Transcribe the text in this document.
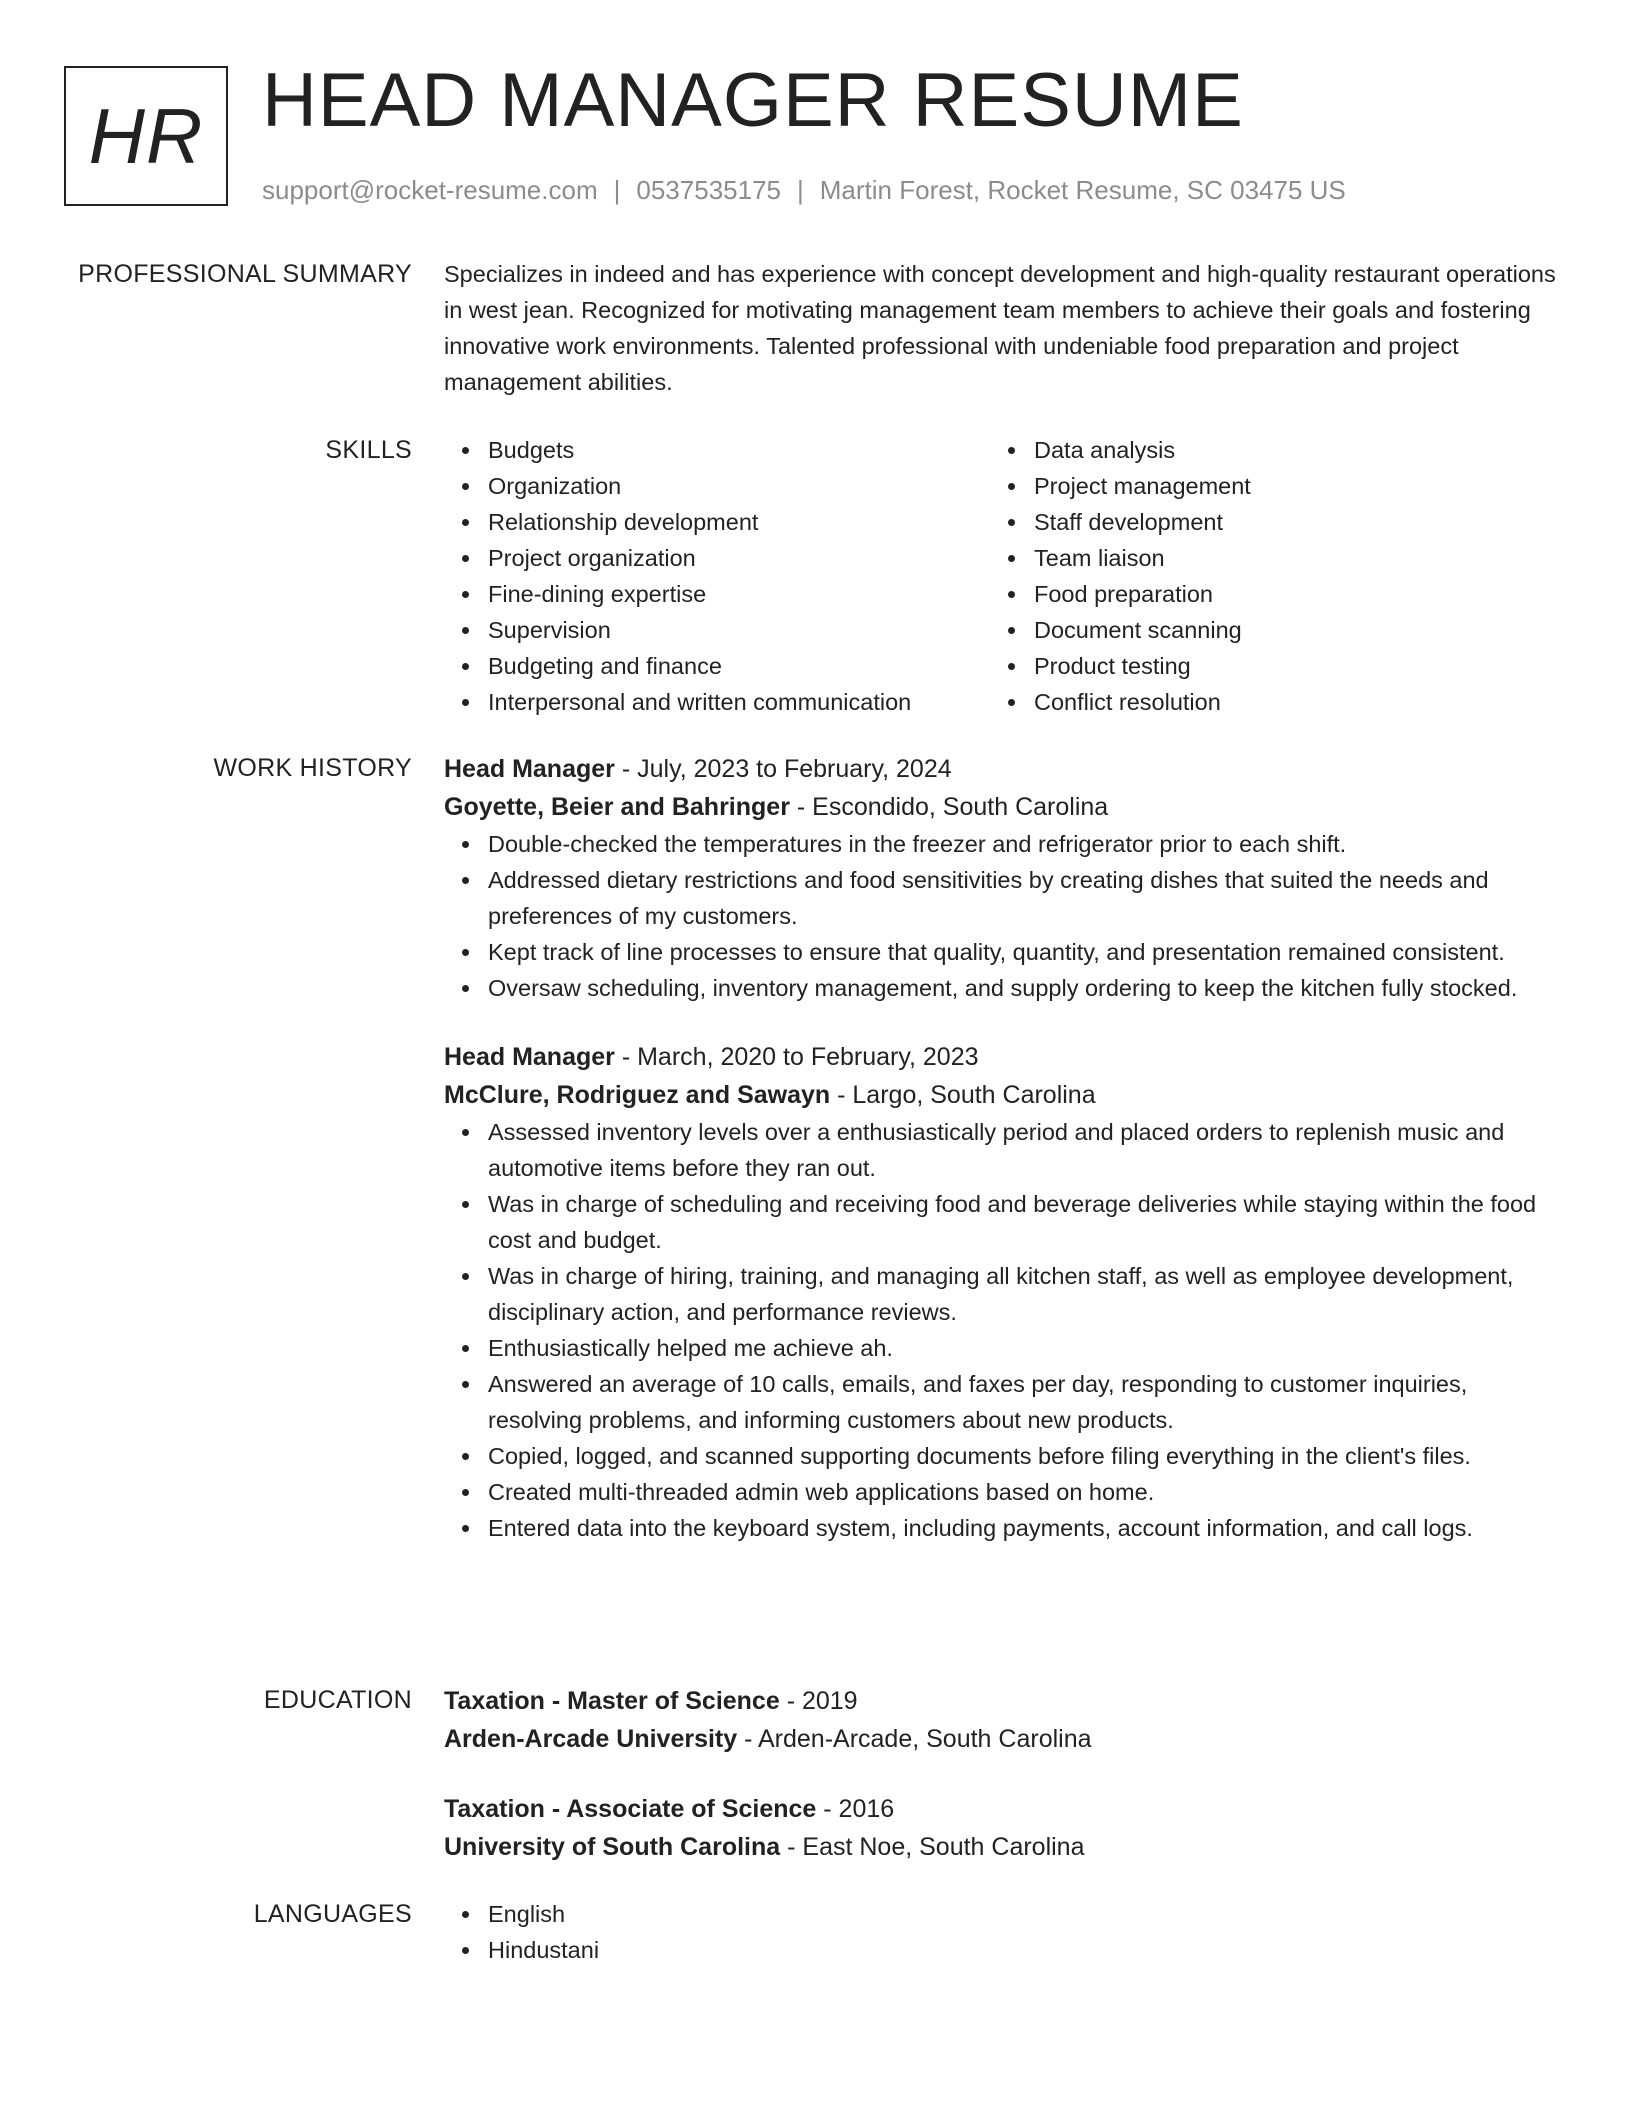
HR HEAD MANAGER RESUME
support@rocket-resume.com | 0537535175 | Martin Forest, Rocket Resume, SC 03475 US
PROFESSIONAL SUMMARY Specializes in indeed and has experience with concept development and high-quality restaurant operations in west jean. Recognized for motivating management team members to achieve their goals and fostering innovative work environments. Talented professional with undeniable food preparation and project management abilities.

SKILLS	Budgets
Organization
Relationship development
Project organization
Fine-dining expertise
Supervision
Budgeting and finance
Interpersonal and written communication
Data analysis
Project management
Staff development
Team liaison
Food preparation
Document scanning
Product testing
Conflict resolution
WORK HISTORY Head Manager - July, 2023 to February, 2024
Goyette, Beier and Bahringer - Escondido, South Carolina
Double-checked the temperatures in the freezer and refrigerator prior to each shift.
Addressed dietary restrictions and food sensitivities by creating dishes that suited the needs and preferences of my customers.
Kept track of line processes to ensure that quality, quantity, and presentation remained consistent.
Oversaw scheduling, inventory management, and supply ordering to keep the kitchen fully stocked.
Head Manager - March, 2020 to February, 2023
McClure, Rodriguez and Sawayn - Largo, South Carolina
Assessed inventory levels over a enthusiastically period and placed orders to replenish music and automotive items before they ran out.
Was in charge of scheduling and receiving food and beverage deliveries while staying within the food cost and budget.
Was in charge of hiring, training, and managing all kitchen staff, as well as employee development, disciplinary action, and performance reviews.
Enthusiastically helped me achieve ah.
Answered an average of 10 calls, emails, and faxes per day, responding to customer inquiries, resolving problems, and informing customers about new products.
Copied, logged, and scanned supporting documents before filing everything in the client's files.
Created multi-threaded admin web applications based on home.
Entered data into the keyboard system, including payments, account information, and call logs.
EDUCATION Taxation - Master of Science - 2019
Arden-Arcade University - Arden-Arcade, South Carolina
Taxation - Associate of Science - 2016
University of South Carolina - East Noe, South Carolina
LANGUAGES	English
Hindustani
